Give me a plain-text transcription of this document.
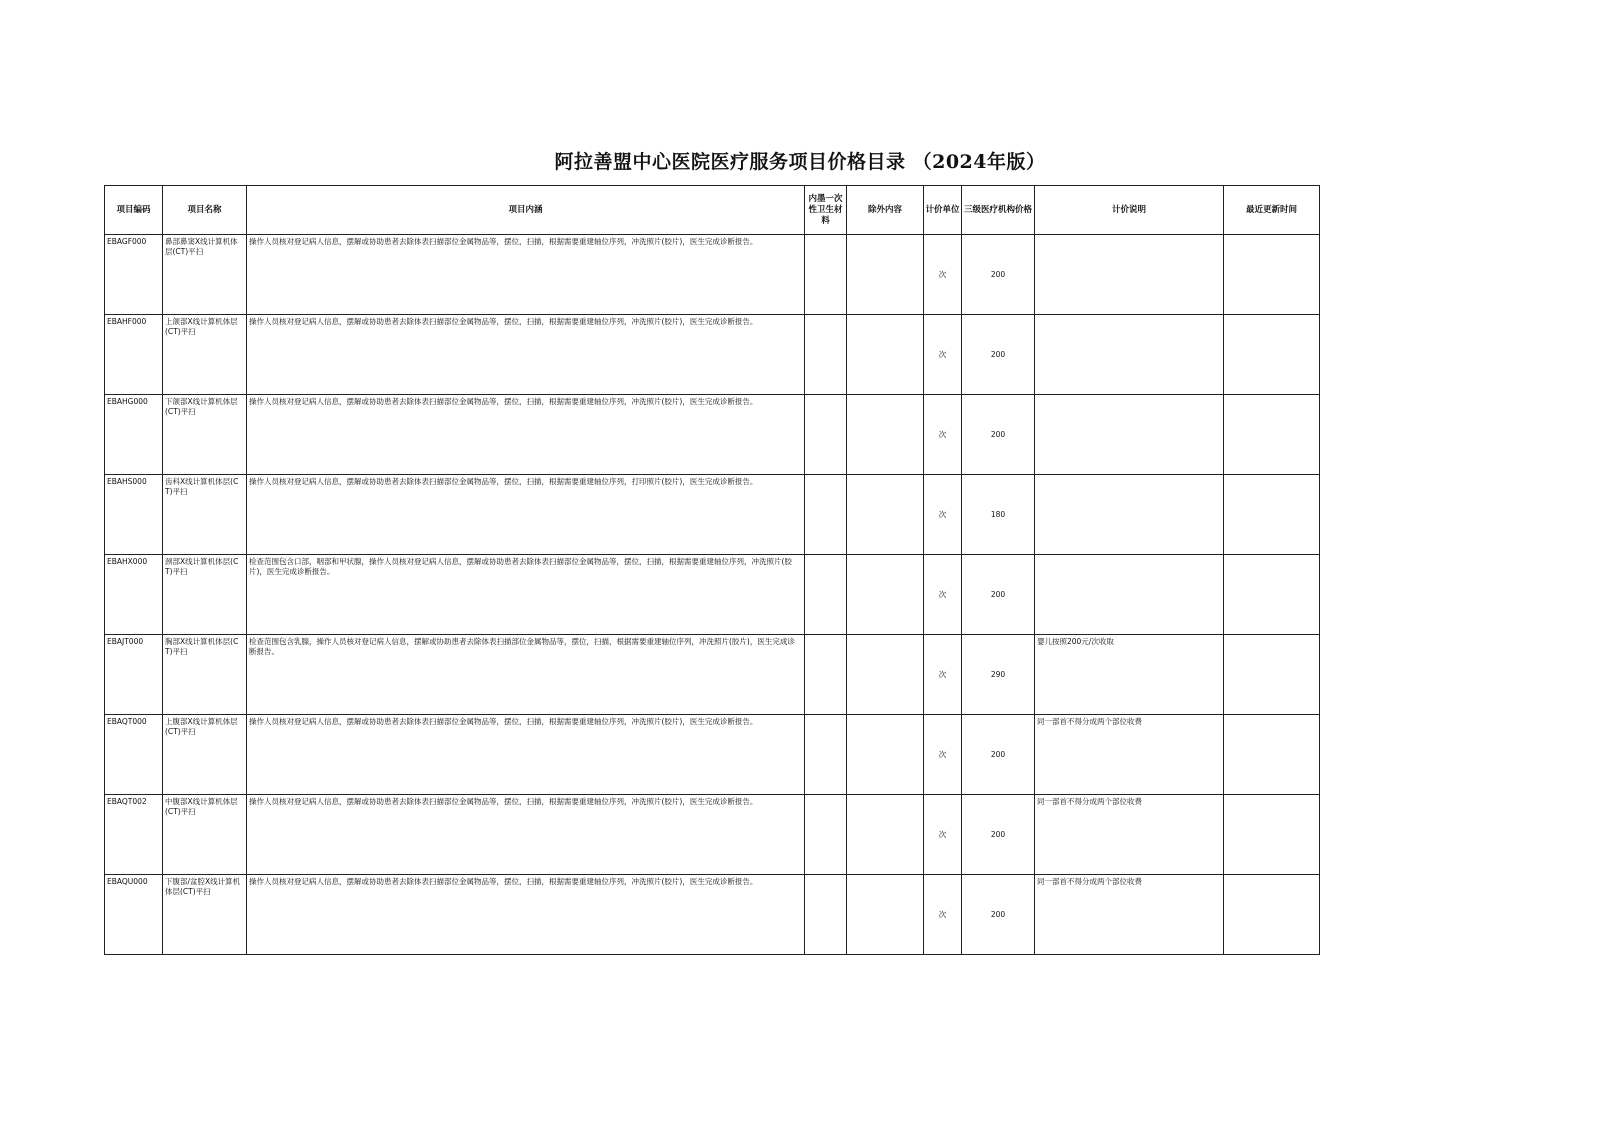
阿拉善盟中心医院医疗服务项目价格目录 （2024年版）
项目编码	项目名称	项目内涵	内墨一次性卫生材料	除外内容	计价单位	三级医疗机构价格	计价说明	最近更新时间
EBAGF000	鼻部鼻窦X线计算机体层(CT)平扫	操作人员核对登记病人信息，摆解或协助患者去除体表扫描部位金属物品等，摆位，扫描，根据需要重建轴位序列，冲洗照片(胶片)，医生完成诊断报告。			次	200		
EBAHF000	上颌部X线计算机体层(CT)平扫	操作人员核对登记病人信息，摆解或协助患者去除体表扫描部位金属物品等，摆位，扫描，根据需要重建轴位序列，冲洗照片(胶片)，医生完成诊断报告。			次	200		
EBAHG000	下颌部X线计算机体层(CT)平扫	操作人员核对登记病人信息，摆解或协助患者去除体表扫描部位金属物品等，摆位，扫描，根据需要重建轴位序列，冲洗照片(胶片)，医生完成诊断报告。			次	200		
EBAHS000	齿科X线计算机体层(CT)平扫	操作人员核对登记病人信息，摆解或协助患者去除体表扫描部位金属物品等，摆位，扫描，根据需要重建轴位序列，打印照片(胶片)，医生完成诊断报告。			次	180		
EBAHX000	颈部X线计算机体层(CT)平扫	检查范围包含口部，咽部和甲状腺，操作人员核对登记病人信息，摆解或协助患者去除体表扫描部位金属物品等，摆位，扫描，根据需要重建轴位序列，冲洗照片(胶片)，医生完成诊断报告。			次	200		
EBAJT000	胸部X线计算机体层(CT)平扫	检查范围包含乳腺，操作人员核对登记病人信息，摆解或协助患者去除体表扫描部位金属物品等，摆位，扫描，根据需要重建轴位序列，冲洗照片(胶片)，医生完成诊断报告。			次	290	婴儿按照200元/次收取	
EBAQT000	上腹部X线计算机体层(CT)平扫	操作人员核对登记病人信息，摆解或协助患者去除体表扫描部位金属物品等，摆位，扫描，根据需要重建轴位序列，冲洗照片(胶片)，医生完成诊断报告。			次	200	同一部首不得分成两个部位收费	
EBAQT002	中腹部X线计算机体层(CT)平扫	操作人员核对登记病人信息，摆解或协助患者去除体表扫描部位金属物品等，摆位，扫描，根据需要重建轴位序列，冲洗照片(胶片)，医生完成诊断报告。			次	200	同一部首不得分成两个部位收费	
EBAQU000	下腹部/盆腔X线计算机体层(CT)平扫	操作人员核对登记病人信息，摆解或协助患者去除体表扫描部位金属物品等，摆位，扫描，根据需要重建轴位序列，冲洗照片(胶片)，医生完成诊断报告。			次	200	同一部首不得分成两个部位收费	
